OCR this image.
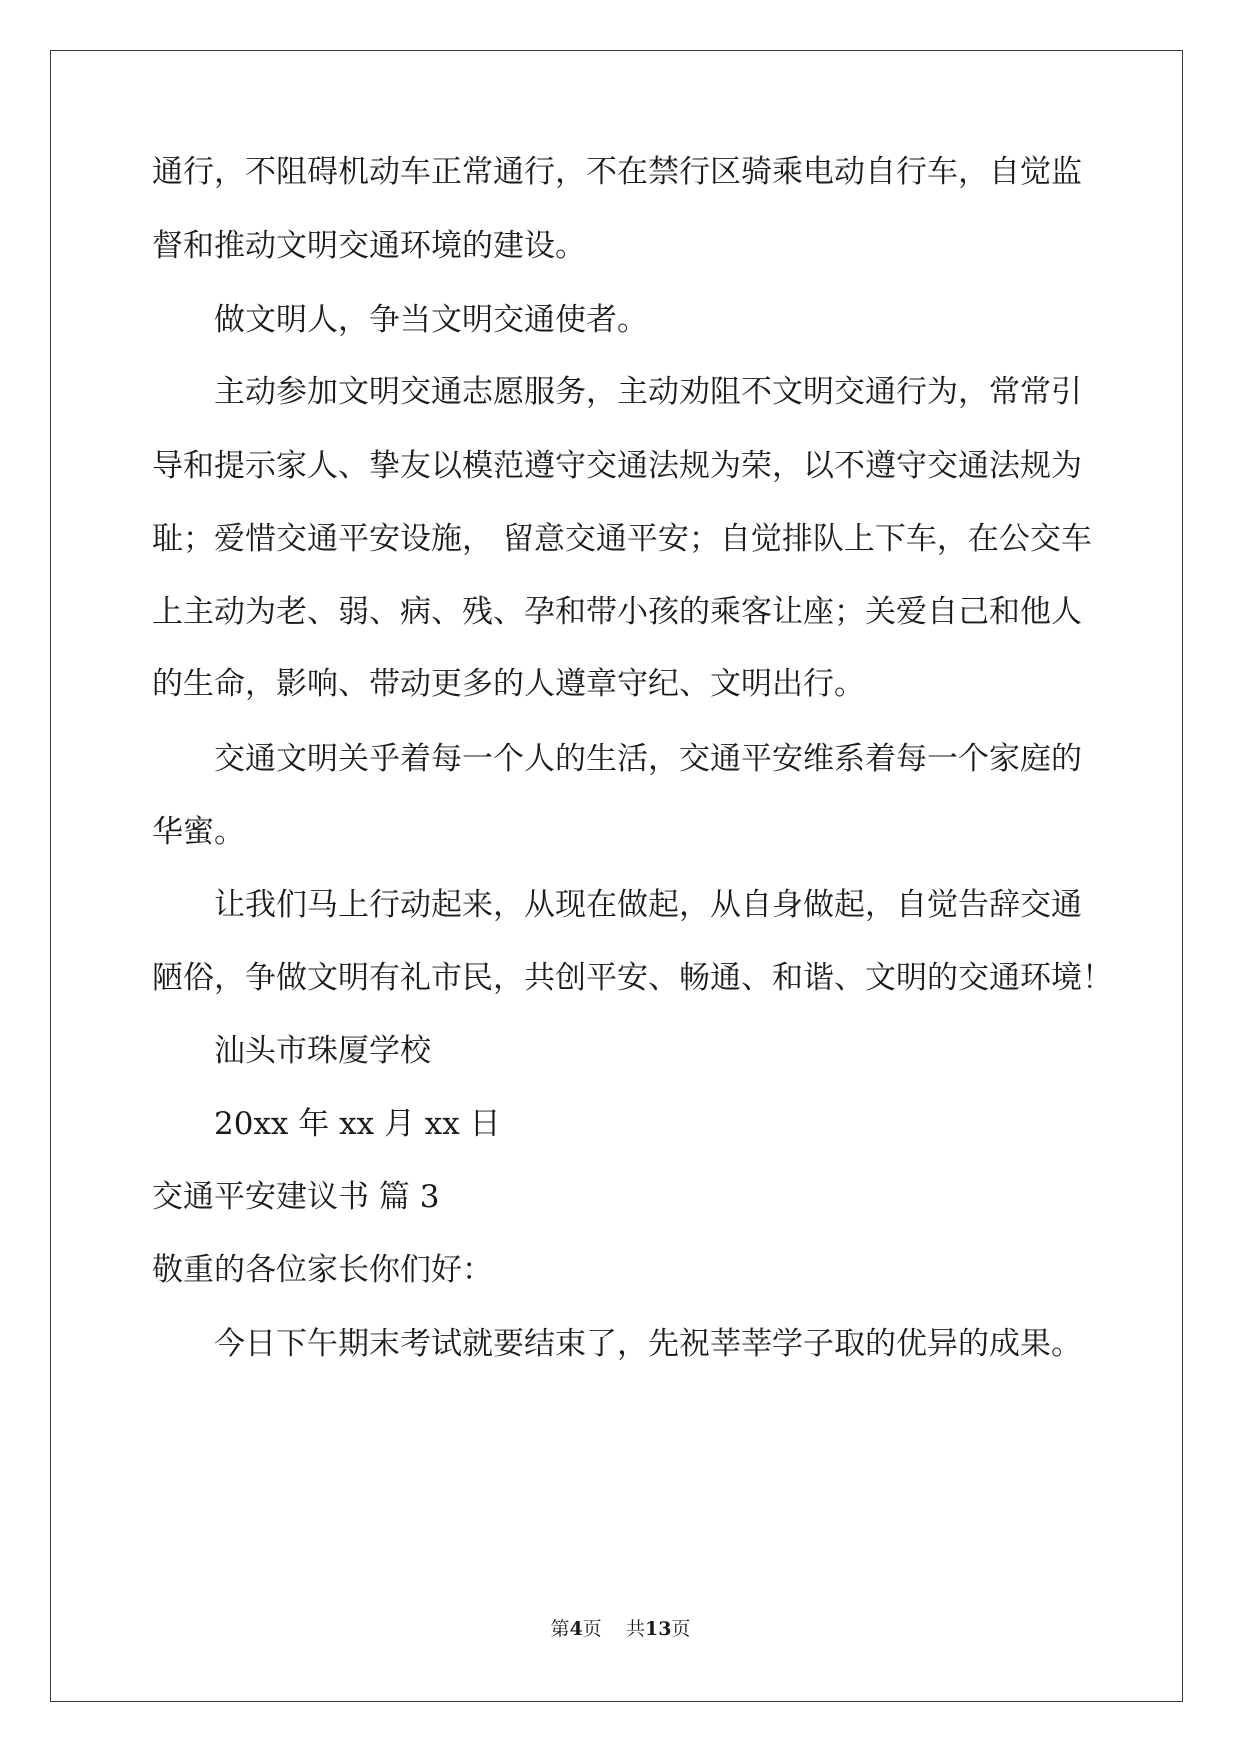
通行，不阻碍机动车正常通行，不在禁行区骑乘电动自行车，自觉监
督和推动文明交通环境的建设。
做文明人，争当文明交通使者。
主动参加文明交通志愿服务，主动劝阻不文明交通行为，常常引
导和提示家人、挚友以模范遵守交通法规为荣，以不遵守交通法规为
耻；爱惜交通平安设施， 留意交通平安；自觉排队上下车，在公交车
上主动为老、弱、病、残、孕和带小孩的乘客让座；关爱自己和他人
的生命，影响、带动更多的人遵章守纪、文明出行。
交通文明关乎着每一个人的生活，交通平安维系着每一个家庭的
华蜜。
让我们马上行动起来，从现在做起，从自身做起，自觉告辞交通
陋俗，争做文明有礼市民，共创平安、畅通、和谐、文明的交通环境！
汕头市珠厦学校
20xx 年 xx 月 xx 日
交通平安建议书 篇 3
敬重的各位家长你们好：
今日下午期末考试就要结束了，先祝莘莘学子取的优异的成果。
第4页    共13页
